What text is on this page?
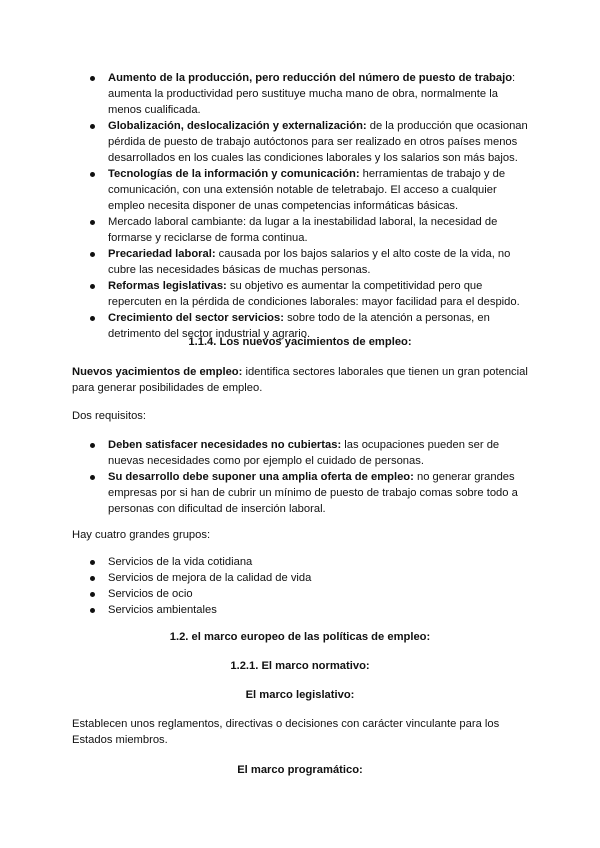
Aumento de la producción, pero reducción del número de puesto de trabajo: aumenta la productividad pero sustituye mucha mano de obra, normalmente la menos cualificada.
Globalización, deslocalización y externalización: de la producción que ocasionan pérdida de puesto de trabajo autóctonos para ser realizado en otros países menos desarrollados en los cuales las condiciones laborales y los salarios son más bajos.
Tecnologías de la información y comunicación: herramientas de trabajo y de comunicación, con una extensión notable de teletrabajo. El acceso a cualquier empleo necesita disponer de unas competencias informáticas básicas.
Mercado laboral cambiante: da lugar a la inestabilidad laboral, la necesidad de formarse y reciclarse de forma continua.
Precariedad laboral: causada por los bajos salarios y el alto coste de la vida, no cubre las necesidades básicas de muchas personas.
Reformas legislativas: su objetivo es aumentar la competitividad pero que repercuten en la pérdida de condiciones laborales: mayor facilidad para el despido.
Crecimiento del sector servicios: sobre todo de la atención a personas, en detrimento del sector industrial y agrario.
1.1.4. Los nuevos yacimientos de empleo:

Nuevos yacimientos de empleo: identifica sectores laborales que tienen un gran potencial para generar posibilidades de empleo.

Dos requisitos:

Deben satisfacer necesidades no cubiertas: las ocupaciones pueden ser de nuevas necesidades como por ejemplo el cuidado de personas.
Su desarrollo debe suponer una amplia oferta de empleo: no generar grandes empresas por si han de cubrir un mínimo de puesto de trabajo comas sobre todo a personas con dificultad de inserción laboral.

Hay cuatro grandes grupos:

Servicios de la vida cotidiana
Servicios de mejora de la calidad de vida
Servicios de ocio
Servicios ambientales
1.2. el marco europeo de las políticas de empleo:
1.2.1. El marco normativo:
El marco legislativo:

Establecen unos reglamentos, directivas o decisiones con carácter vinculante para los Estados miembros.

El marco programático:
